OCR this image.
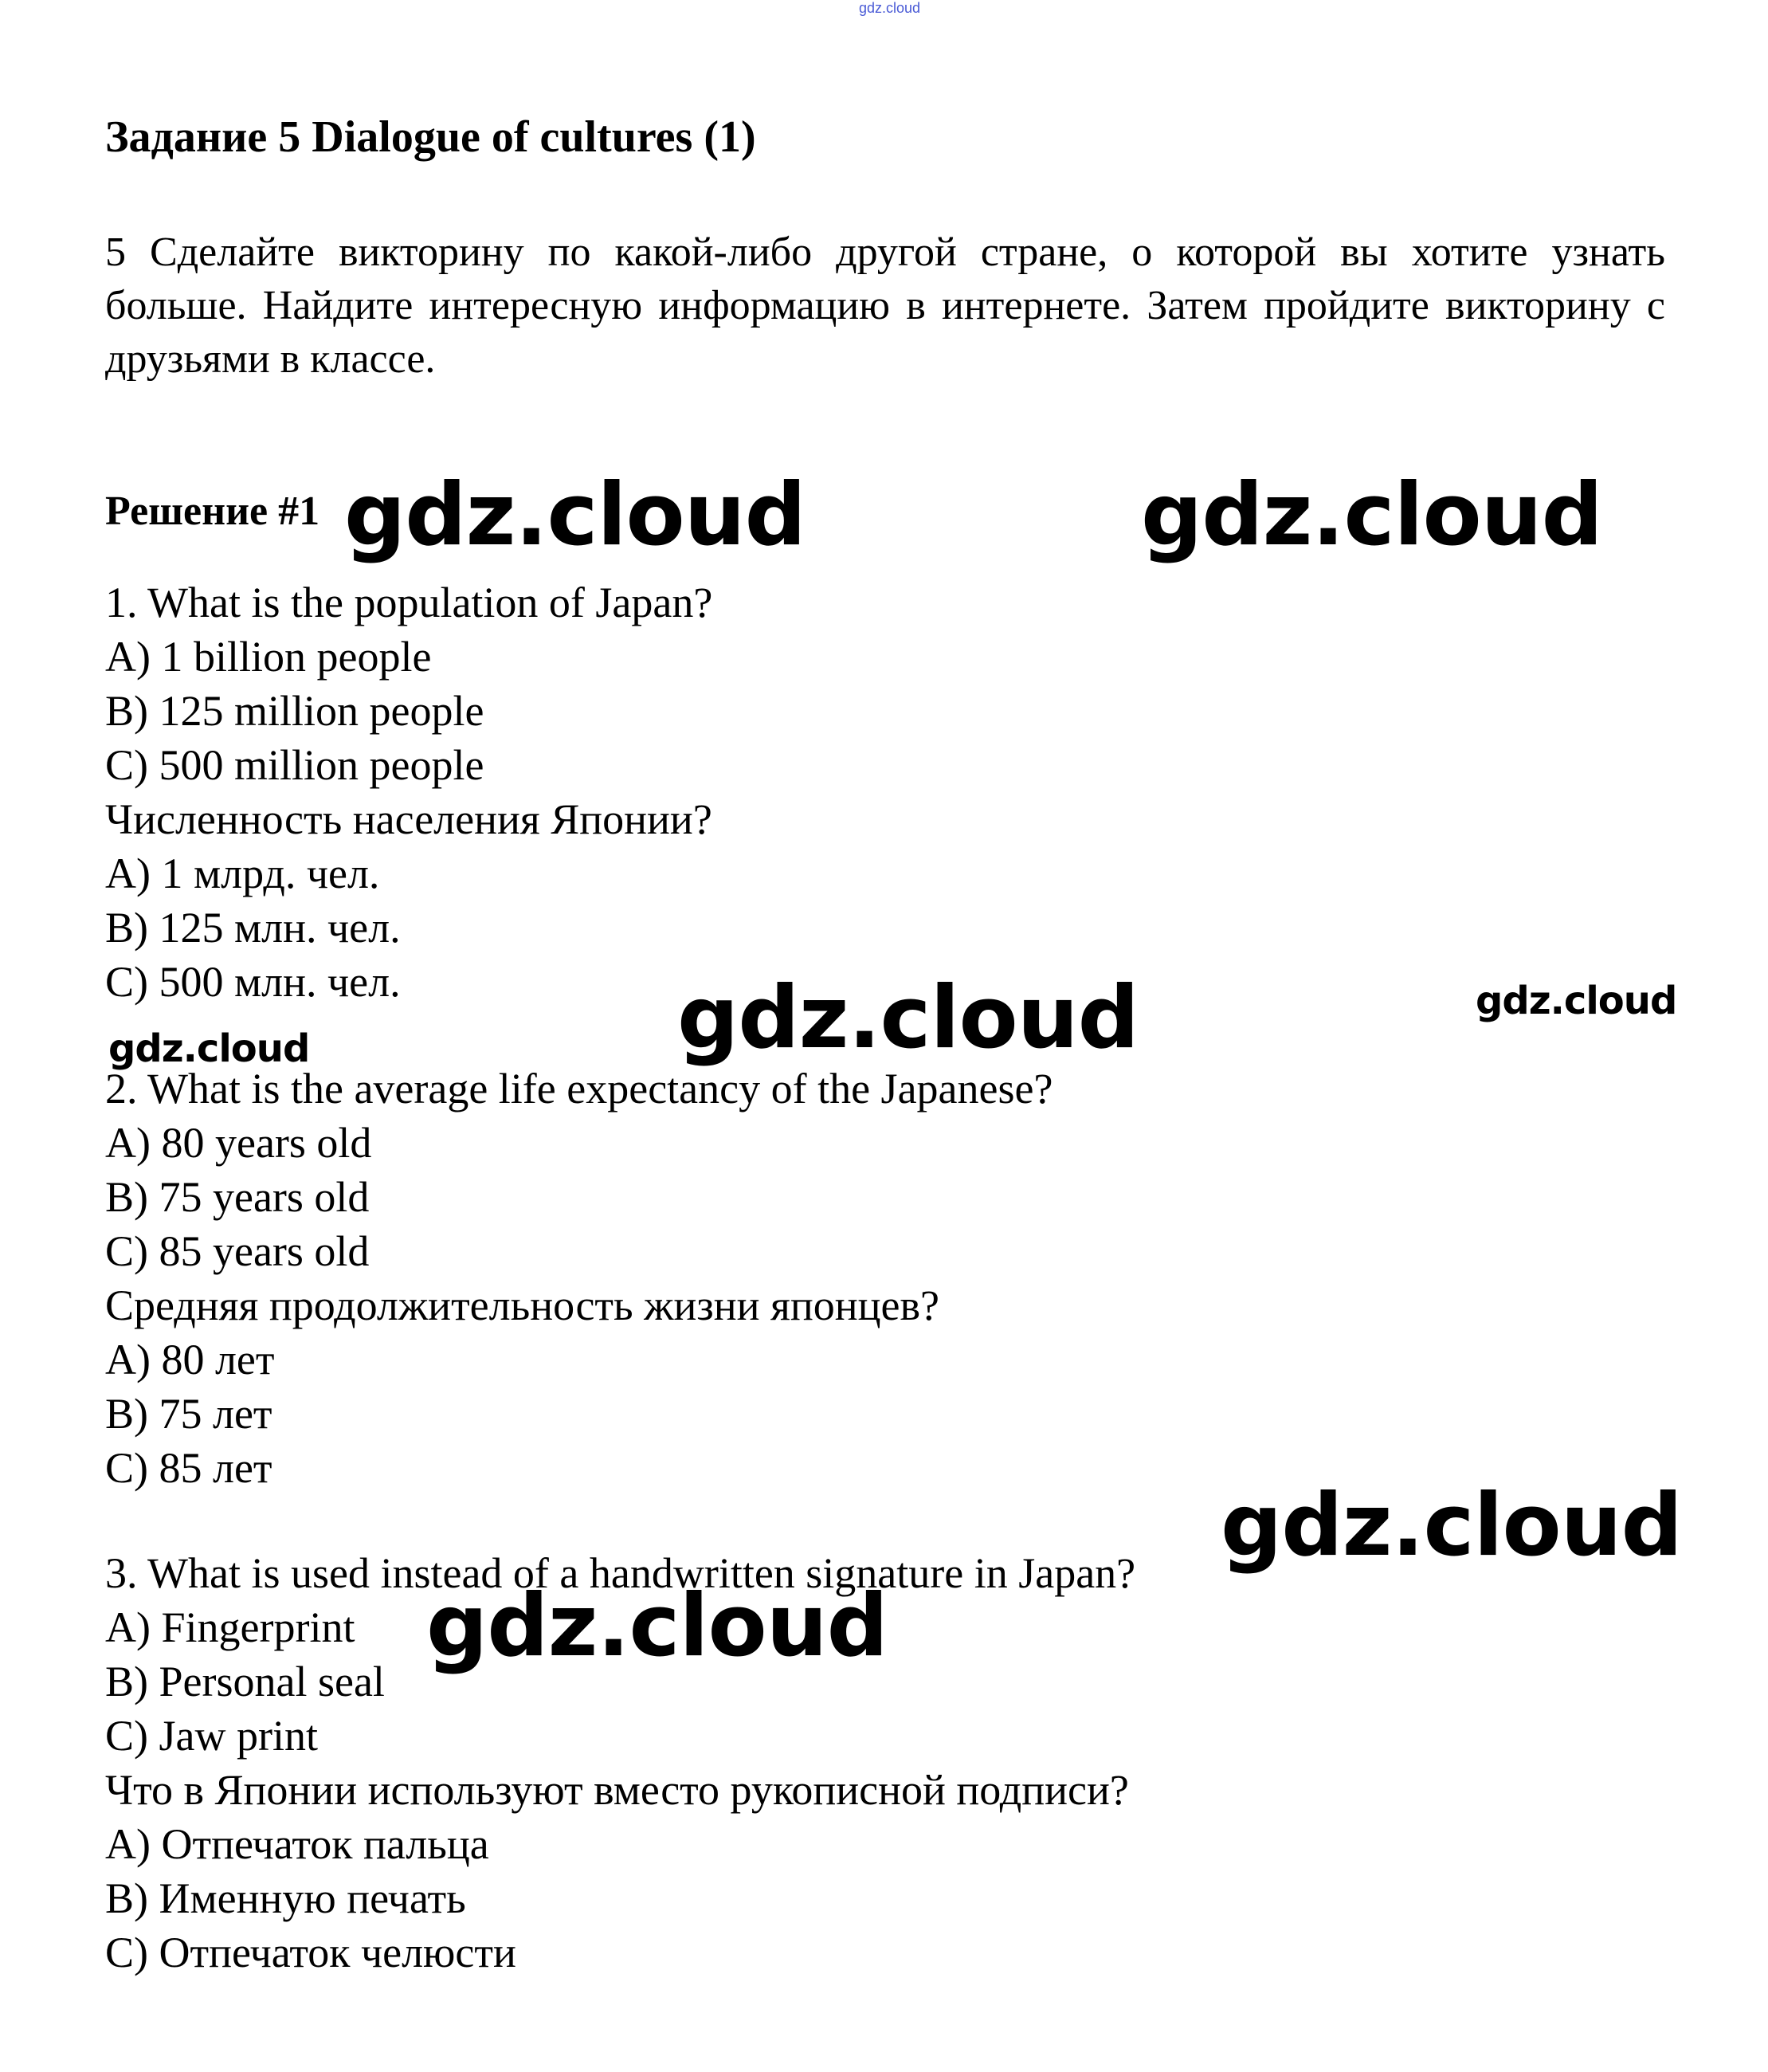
gdz.cloud
Задание 5 Dialogue of cultures (1)
5 Сделайте викторину по какой-либо другой стране, о которой вы хотите узнать больше. Найдите интересную информацию в интернете. Затем пройдите викторину с друзьями в классе.
Решение #1
1. What is the population of Japan?
A) 1 billion people
B) 125 million people
C) 500 million people
Численность населения Японии?
A) 1 млрд. чел.
B) 125 млн. чел.
C) 500 млн. чел.
2. What is the average life expectancy of the Japanese?
A) 80 years old
B) 75 years old
C) 85 years old
Средняя продолжительность жизни японцев?
A) 80 лет
B) 75 лет
C) 85 лет
3. What is used instead of a handwritten signature in Japan?
A) Fingerprint
B) Personal seal
C) Jaw print
Что в Японии используют вместо рукописной подписи?
A) Отпечаток пальца
B) Именную печать
C) Отпечаток челюсти
gdz.cloud	gdz.cloud
gdz.cloud	gdz.cloud
gdz.cloud
gdz.cloud
gdz.cloud
